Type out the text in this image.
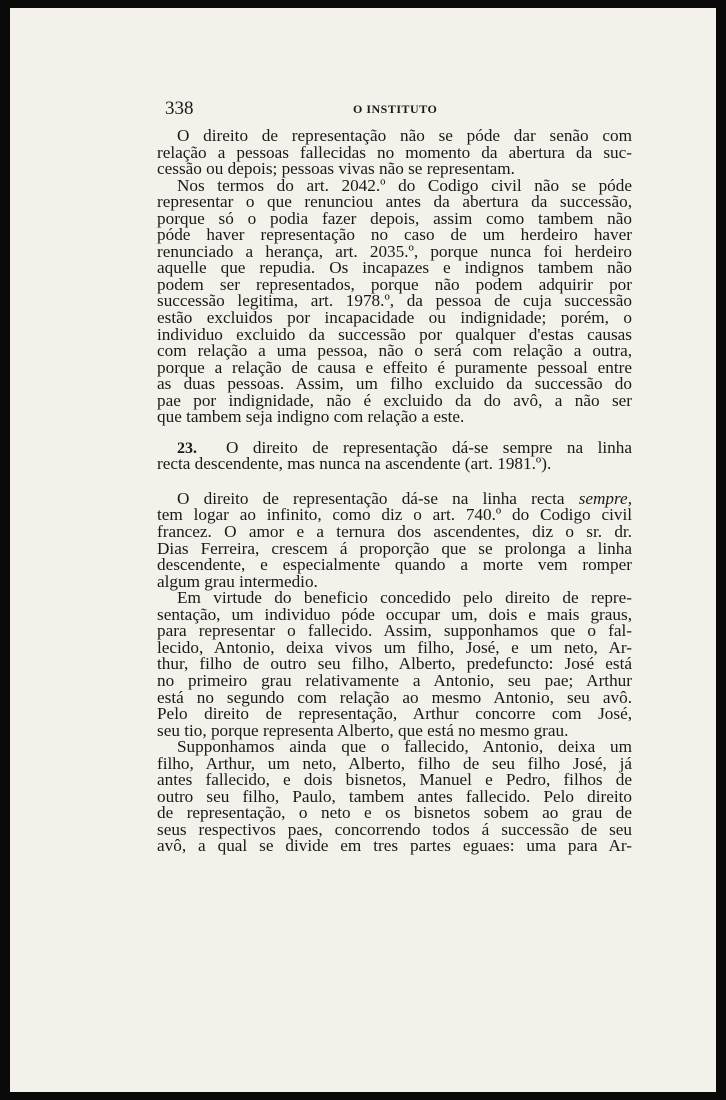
338	O INSTITUTO
O direito de representação não se póde dar senão com
relação a pessoas fallecidas no momento da abertura da suc-
cessão ou depois; pessoas vivas não se representam.
Nos termos do art. 2042.º do Codigo civil não se póde
representar o que renunciou antes da abertura da successão,
porque só o podia fazer depois, assim como tambem não
póde haver representação no caso de um herdeiro haver
renunciado a herança, art. 2035.º, porque nunca foi herdeiro
aquelle que repudia. Os incapazes e indignos tambem não
podem ser representados, porque não podem adquirir por
successão legitima, art. 1978.º, da pessoa de cuja successão
estão excluidos por incapacidade ou indignidade; porém, o
individuo excluido da successão por qualquer d'estas causas
com relação a uma pessoa, não o será com relação a outra,
porque a relação de causa e effeito é puramente pessoal entre
as duas pessoas. Assim, um filho excluido da successão do
pae por indignidade, não é excluido da do avô, a não ser
que tambem seja indigno com relação a este.
23. O direito de representação dá-se sempre na linha
recta descendente, mas nunca na ascendente (art. 1981.º).
O direito de representação dá-se na linha recta sempre,
tem logar ao infinito, como diz o art. 740.º do Codigo civil
francez. O amor e a ternura dos ascendentes, diz o sr. dr.
Dias Ferreira, crescem á proporção que se prolonga a linha
descendente, e especialmente quando a morte vem romper
algum grau intermedio.
Em virtude do beneficio concedido pelo direito de repre-
sentação, um individuo póde occupar um, dois e mais graus,
para representar o fallecido. Assim, supponhamos que o fal-
lecido, Antonio, deixa vivos um filho, José, e um neto, Ar-
thur, filho de outro seu filho, Alberto, predefuncto: José está
no primeiro grau relativamente a Antonio, seu pae; Arthur
está no segundo com relação ao mesmo Antonio, seu avô.
Pelo direito de representação, Arthur concorre com José,
seu tio, porque representa Alberto, que está no mesmo grau.
Supponhamos ainda que o fallecido, Antonio, deixa um
filho, Arthur, um neto, Alberto, filho de seu filho José, já
antes fallecido, e dois bisnetos, Manuel e Pedro, filhos de
outro seu filho, Paulo, tambem antes fallecido. Pelo direito
de representação, o neto e os bisnetos sobem ao grau de
seus respectivos paes, concorrendo todos á successão de seu
avô, a qual se divide em tres partes eguaes: uma para Ar-
